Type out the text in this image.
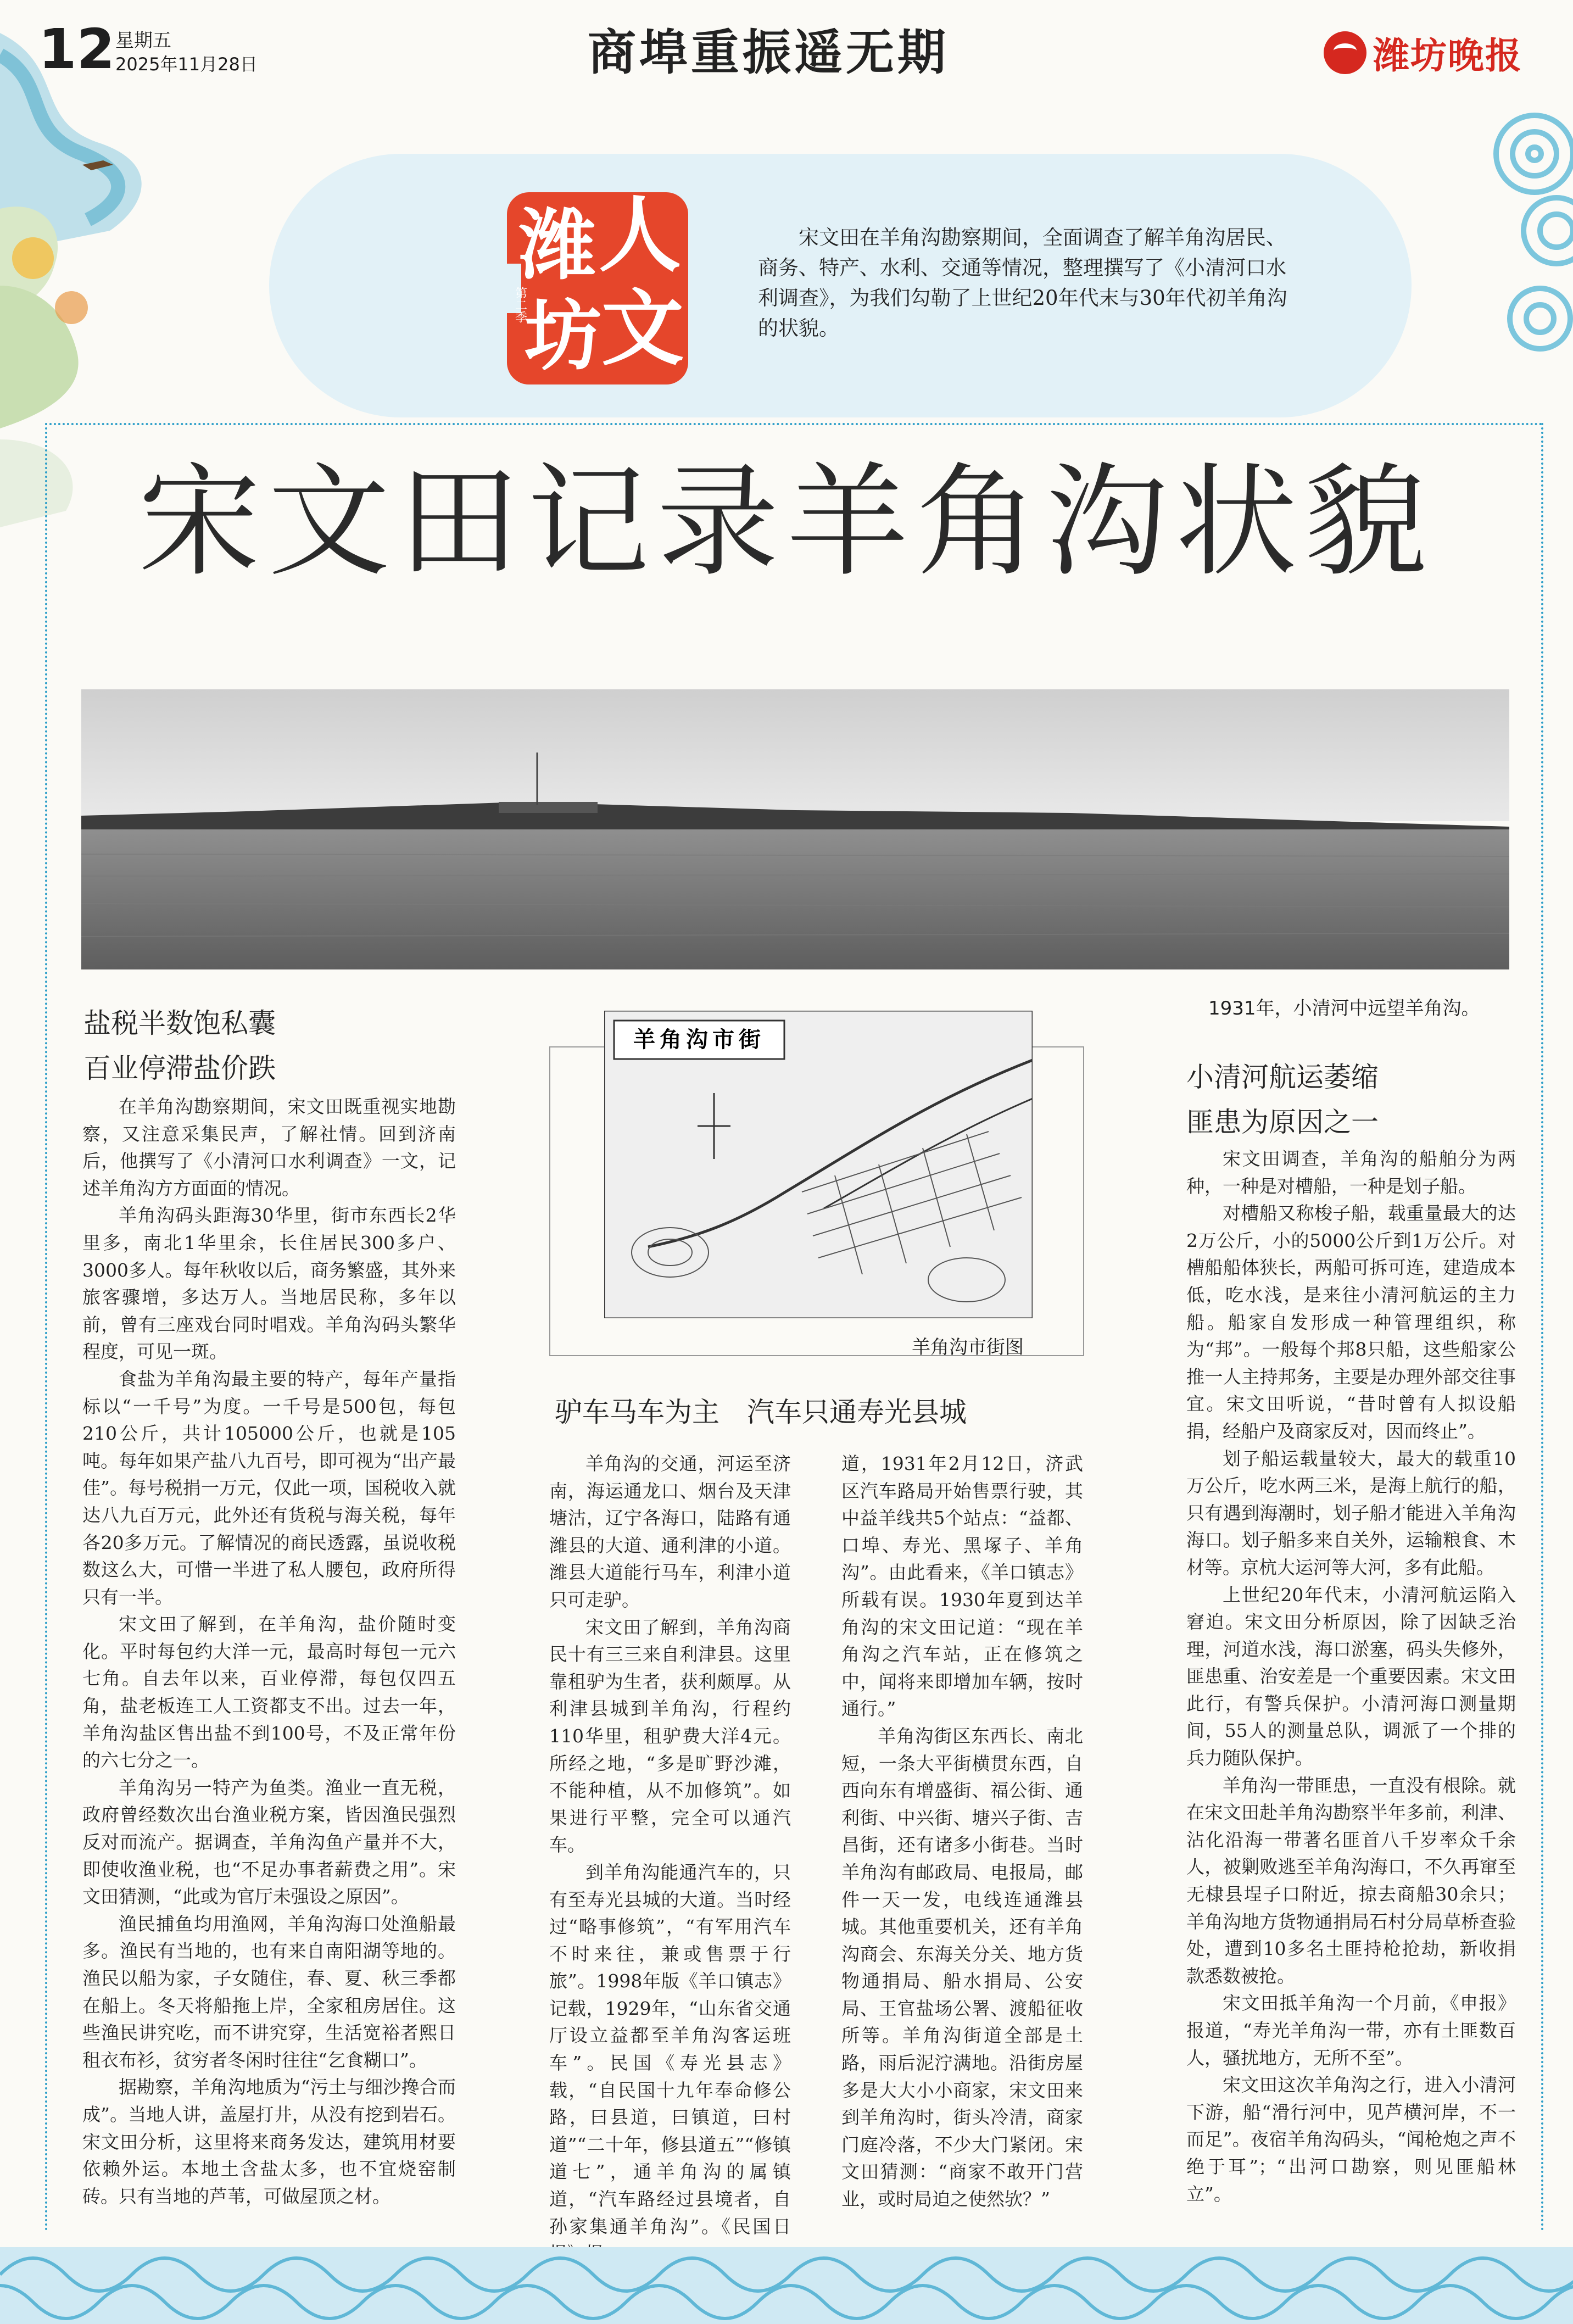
12 星期五
2025年11月28日	商埠重振遥无期	潍坊晚报
潍 人
坊 文
第二季
宋文田在羊角沟勘察期间，全面调查了解羊角沟居民、商务、特产、水利、交通等情况，整理撰写了《小清河口水利调查》，为我们勾勒了上世纪20年代末与30年代初羊角沟的状貌。
宋文田记录羊角沟状貌
1931年，小清河中远望羊角沟。
羊角沟市街
羊角沟市街图
盐税半数饱私囊
百业停滞盐价跌

在羊角沟勘察期间，宋文田既重视实地勘察，又注意采集民声，了解社情。回到济南后，他撰写了《小清河口水利调查》一文，记述羊角沟方方面面的情况。

羊角沟码头距海30华里，街市东西长2华里多，南北1华里余，长住居民300多户、3000多人。每年秋收以后，商务繁盛，其外来旅客骤增，多达万人。当地居民称，多年以前，曾有三座戏台同时唱戏。羊角沟码头繁华程度，可见一斑。

食盐为羊角沟最主要的特产，每年产量指标以“一千号”为度。一千号是500包，每包210公斤，共计105000公斤，也就是105吨。每年如果产盐八九百号，即可视为“出产最佳”。每号税捐一万元，仅此一项，国税收入就达八九百万元，此外还有货税与海关税，每年各20多万元。了解情况的商民透露，虽说收税数这么大，可惜一半进了私人腰包，政府所得只有一半。

宋文田了解到，在羊角沟，盐价随时变化。平时每包约大洋一元，最高时每包一元六七角。自去年以来，百业停滞，每包仅四五角，盐老板连工人工资都支不出。过去一年，羊角沟盐区售出盐不到100号，不及正常年份的六七分之一。

羊角沟另一特产为鱼类。渔业一直无税，政府曾经数次出台渔业税方案，皆因渔民强烈反对而流产。据调查，羊角沟鱼产量并不大，即使收渔业税，也“不足办事者薪费之用”。宋文田猜测，“此或为官厅未强设之原因”。

渔民捕鱼均用渔网，羊角沟海口处渔船最多。渔民有当地的，也有来自南阳湖等地的。渔民以船为家，子女随住，春、夏、秋三季都在船上。冬天将船拖上岸，全家租房居住。这些渔民讲究吃，而不讲究穿，生活宽裕者熙日租衣布衫，贫穷者冬闲时往往“乞食糊口”。

据勘察，羊角沟地质为“污土与细沙搀合而成”。当地人讲，盖屋打井，从没有挖到岩石。宋文田分析，这里将来商务发达，建筑用材要依赖外运。本地土含盐太多，也不宜烧窑制砖。只有当地的芦苇，可做屋顶之材。

驴车马车为主　汽车只通寿光县城

羊角沟的交通，河运至济南，海运通龙口、烟台及天津塘沽，辽宁各海口，陆路有通潍县的大道、通利津的小道。潍县大道能行马车，利津小道只可走驴。

宋文田了解到，羊角沟商民十有三三来自利津县。这里靠租驴为生者，获利颇厚。从利津县城到羊角沟，行程约110华里，租驴费大洋4元。所经之地，“多是旷野沙滩，不能种植，从不加修筑”。如果进行平整，完全可以通汽车。

到羊角沟能通汽车的，只有至寿光县城的大道。当时经过“略事修筑”，“有军用汽车不时来往，兼或售票于行旅”。1998年版《羊口镇志》记载，1929年，“山东省交通厅设立益都至羊角沟客运班车”。民国《寿光县志》载，“自民国十九年奉命修公路，曰县道，曰镇道，曰村道”“二十年，修县道五”“修镇道七”，通羊角沟的属镇道，“汽车路经过县境者，自孙家集通羊角沟”。《民国日

道，1931年2月12日，济武区汽车路局开始售票行驶，其中益羊线共5个站点：“益都、口埠、寿光、黑塚子、羊角沟”。由此看来，《羊口镇志》所载有误。1930年夏到达羊角沟的宋文田记道：“现在羊角沟之汽车站，正在修筑之中，闻将来即增加车辆，按时通行。”

羊角沟街区东西长、南北短，一条大平街横贯东西，自西向东有增盛街、福公街、通利街、中兴街、塘兴子街、吉昌街，还有诸多小街巷。当时羊角沟有邮政局、电报局，邮件一天一发，电线连通潍县城。其他重要机关，还有羊角沟商会、东海关分关、地方货物通捐局、船水捐局、公安局、王官盐场公署、渡船征收所等。羊角沟街道全部是土路，雨后泥泞满地。沿街房屋多是大大小小商家，宋文田来到羊角沟时，街头冷清，商家门庭冷落，不少大门紧闭。宋文田猜测：“商家不敢开门营业，或时局迫之使然欤？”

小清河航运萎缩
匪患为原因之一

宋文田调查，羊角沟的船舶分为两种，一种是对槽船，一种是划子船。

对槽船又称梭子船，载重量最大的达2万公斤，小的5000公斤到1万公斤。对槽船船体狭长，两船可拆可连，建造成本低，吃水浅，是来往小清河航运的主力船。船家自发形成一种管理组织，称为“邦”。一般每个邦8只船，这些船家公推一人主持邦务，主要是办理外部交往事宜。宋文田听说，“昔时曾有人拟设船捐，经船户及商家反对，因而终止”。

划子船运载量较大，最大的载重10万公斤，吃水两三米，是海上航行的船，只有遇到海潮时，划子船才能进入羊角沟海口。划子船多来自关外，运输粮食、木材等。京杭大运河等大河，多有此船。

上世纪20年代末，小清河航运陷入窘迫。宋文田分析原因，除了因缺乏治理，河道水浅，海口淤塞，码头失修外，匪患重、治安差是一个重要因素。宋文田此行，有警兵保护。小清河海口测量期间，55人的测量总队，调派了一个排的兵力随队保护。

羊角沟一带匪患，一直没有根除。就在宋文田赴羊角沟勘察半年多前，利津、沾化沿海一带著名匪首八千岁率众千余人，被剿败逃至羊角沟海口，不久再窜至无棣县埕子口附近，掠去商船30余只；羊角沟地方货物通捐局石村分局草桥查验处，遭到10多名土匪持枪抢劫，新收捐款悉数被抢。

宋文田抵羊角沟一个月前，《申报》报道，“寿光羊角沟一带，亦有土匪数百人，骚扰地方，无所不至”。

宋文田这次羊角沟之行，进入小清河下游，船“滑行河中，见芦横河岸，不一而足”。夜宿羊角沟码头，“闻枪炮之声不绝于耳”；“出河口勘察，则见匪船林立”。
